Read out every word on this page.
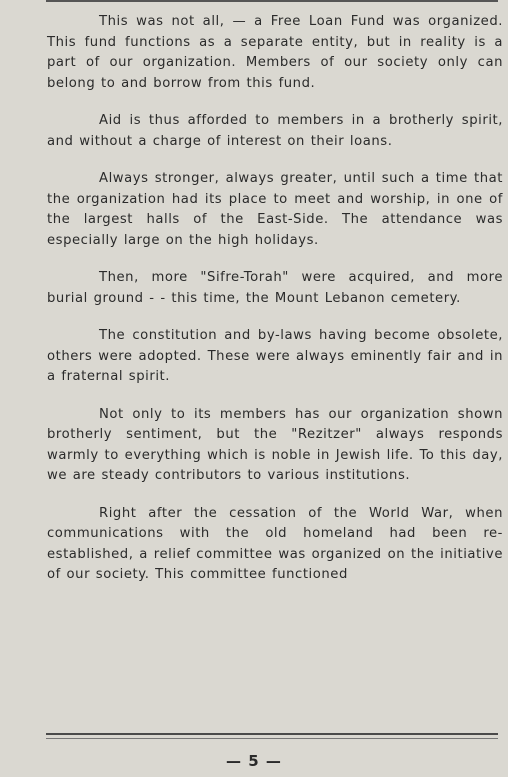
This was not all, — a Free Loan Fund was organized. This fund functions as a separate entity, but in reality is a part of our organization. Members of our society only can belong to and borrow from this fund.

Aid is thus afforded to members in a brotherly spirit, and without a charge of interest on their loans.

Always stronger, always greater, until such a time that the organization had its place to meet and worship, in one of the largest halls of the East-Side. The attendance was especially large on the high holidays.

Then, more "Sifre-Torah" were acquired, and more burial ground - - this time, the Mount Lebanon cemetery.

The constitution and by-laws having become obsolete, others were adopted. These were always eminently fair and in a fraternal spirit.

Not only to its members has our organization shown brotherly sentiment, but the "Rezitzer" always responds warmly to everything which is noble in Jewish life. To this day, we are steady contributors to various institutions.

Right after the cessation of the World War, when communications with the old homeland had been re-established, a relief committee was organized on the initiative of our society. This committee functioned

— 5 —
